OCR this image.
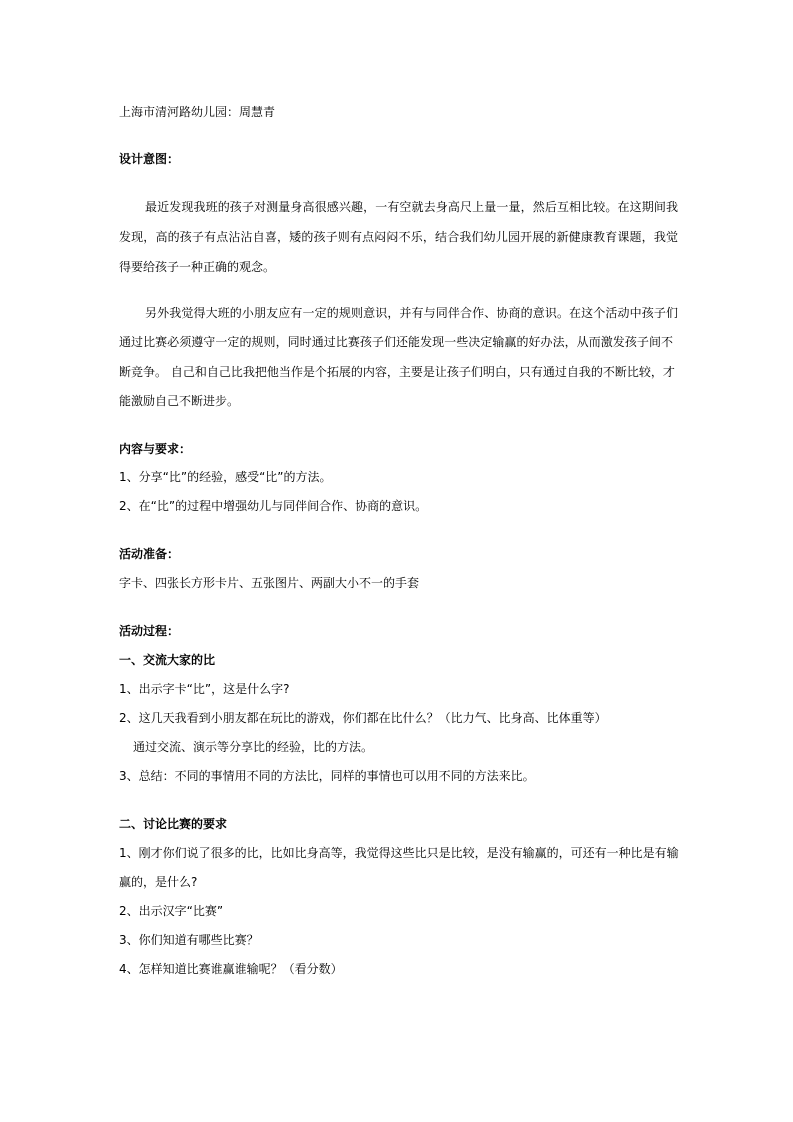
上海市清河路幼儿园：周慧青
设计意图：
最近发现我班的孩子对测量身高很感兴趣，一有空就去身高尺上量一量，然后互相比较。在这期间我
发现，高的孩子有点沾沾自喜，矮的孩子则有点闷闷不乐，结合我们幼儿园开展的新健康教育课题，我觉
得要给孩子一种正确的观念。
另外我觉得大班的小朋友应有一定的规则意识，并有与同伴合作、协商的意识。在这个活动中孩子们
通过比赛必须遵守一定的规则，同时通过比赛孩子们还能发现一些决定输赢的好办法，从而激发孩子间不
断竞争。 自己和自己比我把他当作是个拓展的内容，主要是让孩子们明白，只有通过自我的不断比较，才
能激励自己不断进步。
内容与要求：
1、分享“比”的经验，感受“比”的方法。
2、在“比”的过程中增强幼儿与同伴间合作、协商的意识。
活动准备：
字卡、四张长方形卡片、五张图片、两副大小不一的手套
活动过程：
一、交流大家的比
1、出示字卡“比”，这是什么字?
2、这几天我看到小朋友都在玩比的游戏，你们都在比什么？（比力气、比身高、比体重等）
通过交流、演示等分享比的经验，比的方法。
3、总结：不同的事情用不同的方法比，同样的事情也可以用不同的方法来比。
二、讨论比赛的要求
1、刚才你们说了很多的比，比如比身高等，我觉得这些比只是比较，是没有输赢的，可还有一种比是有输
赢的，是什么?
2、出示汉字“比赛”
3、你们知道有哪些比赛？
4、怎样知道比赛谁赢谁输呢？（看分数）
